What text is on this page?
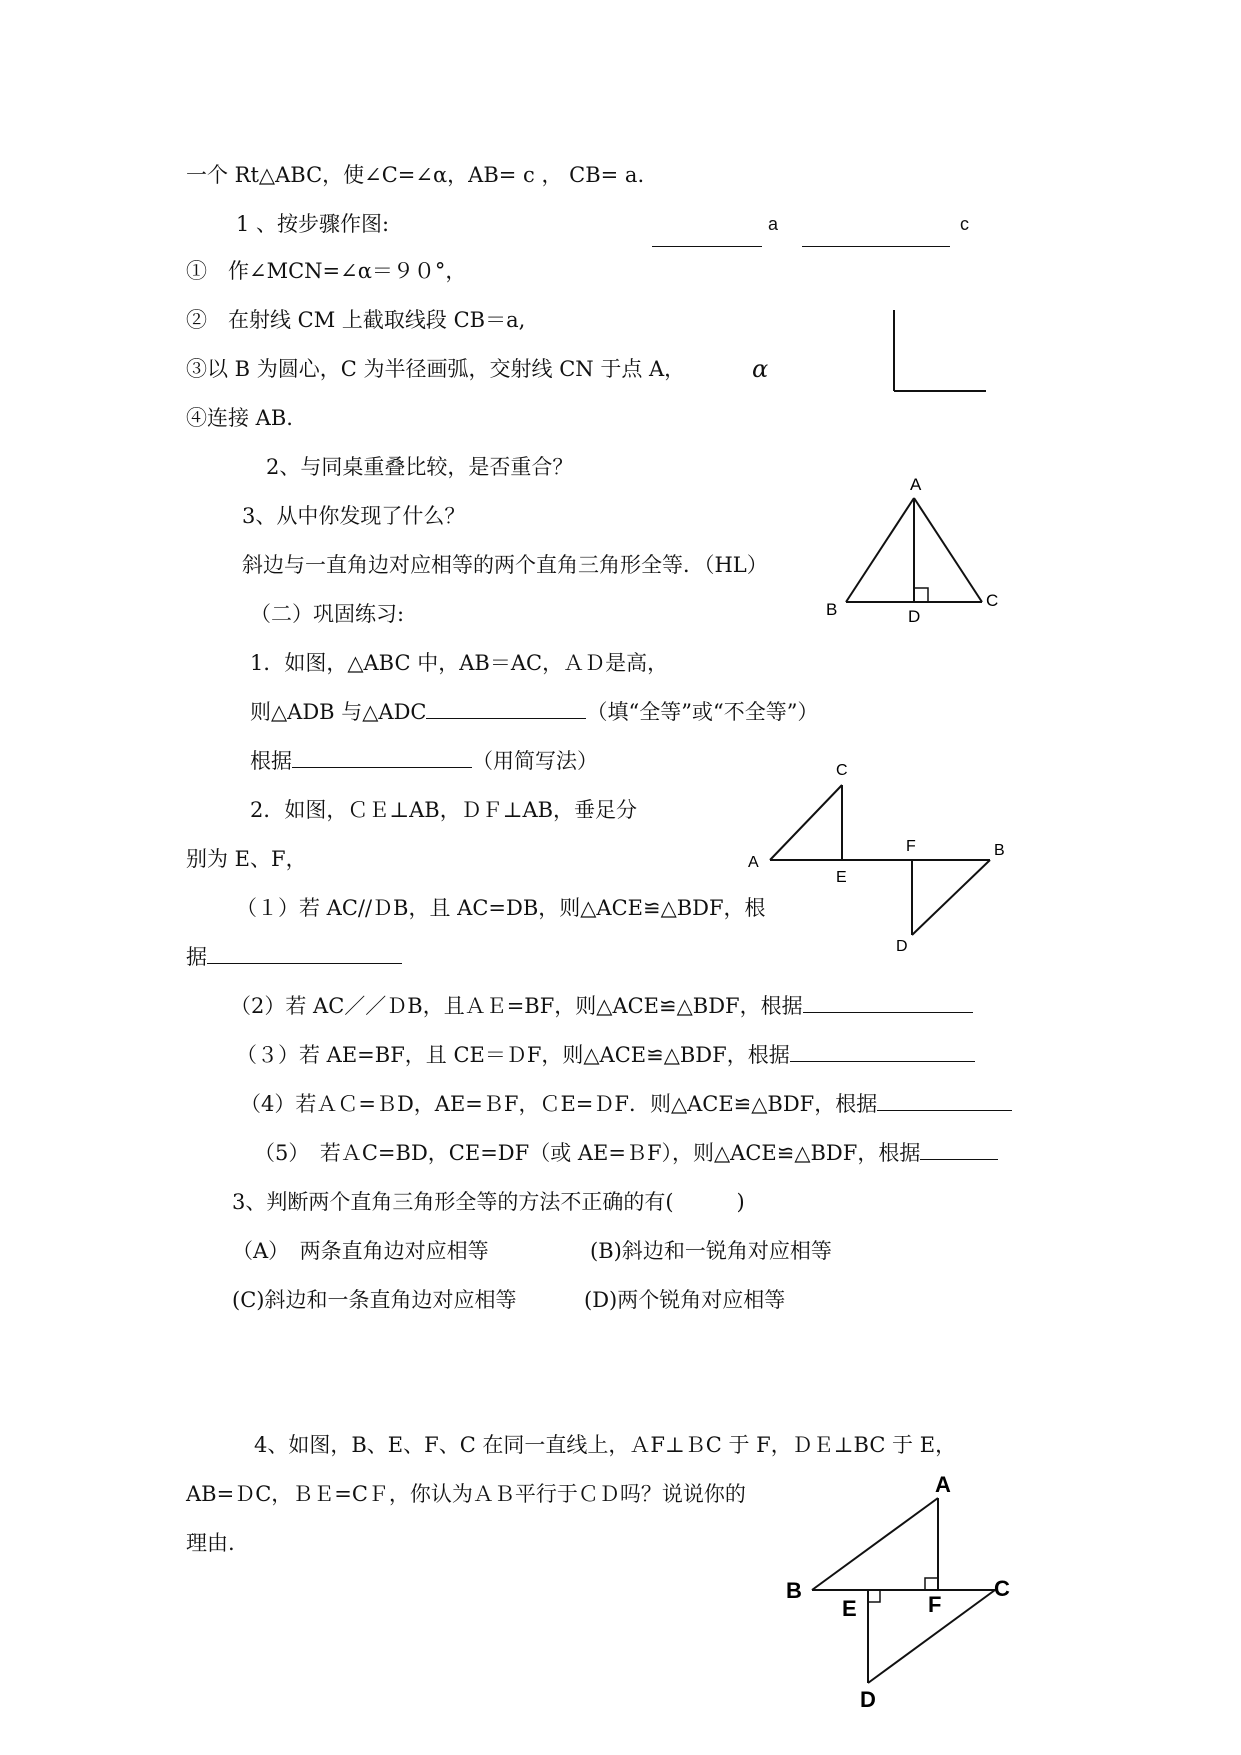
一个 Rt△ABC，使∠C=∠α，AB= c ， CB= a.
1 、按步骤作图:	a	c
①　作∠MCN=∠α＝９０°，
②　在射线 CM 上截取线段 CB＝a,
③以 B 为圆心，C 为半径画弧，交射线 CN 于点 A，	α
④连接 AB.
2、与同桌重叠比较，是否重合？
3、从中你发现了什么？
斜边与一直角边对应相等的两个直角三角形全等．（HL）
A
B	C
D
（二）巩固练习:
1．如图，△ABC 中，AB＝AC，ＡＤ是高，
则△ADB 与△ADC	（填“全等”或“不全等”）
根据	（用简写法）
2．如图，ＣＥ⊥AB，ＤＦ⊥AB，垂足分
别为 E、F，
C
A
E
F	B
D
（１）若 AC//ＤB，且 AC=DB，则△ACE≌△BDF，根
据
（2）若 AC／／ＤB，且ＡＥ=BF，则△ACE≌△BDF，根据
（３）若 AE=BF，且 CE＝ＤF，则△ACE≌△BDF，根据
（4）若ＡＣ=ＢD，AE=ＢF，ＣE=ＤF．则△ACE≌△BDF，根据
（5）　若ＡC=BD，CE=DF（或 AE=ＢF），则△ACE≌△BDF，根据
3、判断两个直角三角形全等的方法不正确的有(　　　)
（A）　两条直角边对应相等	(B)斜边和一锐角对应相等
(C)斜边和一条直角边对应相等	(D)两个锐角对应相等
4、如图，B、E、F、C 在同一直线上，ＡF⊥ＢC 于 F，ＤＥ⊥BC 于 E，
AB=ＤC，ＢＥ=CＦ，你认为ＡＢ平行于ＣＤ吗？说说你的
理由.
A
B
E	F
C
D
